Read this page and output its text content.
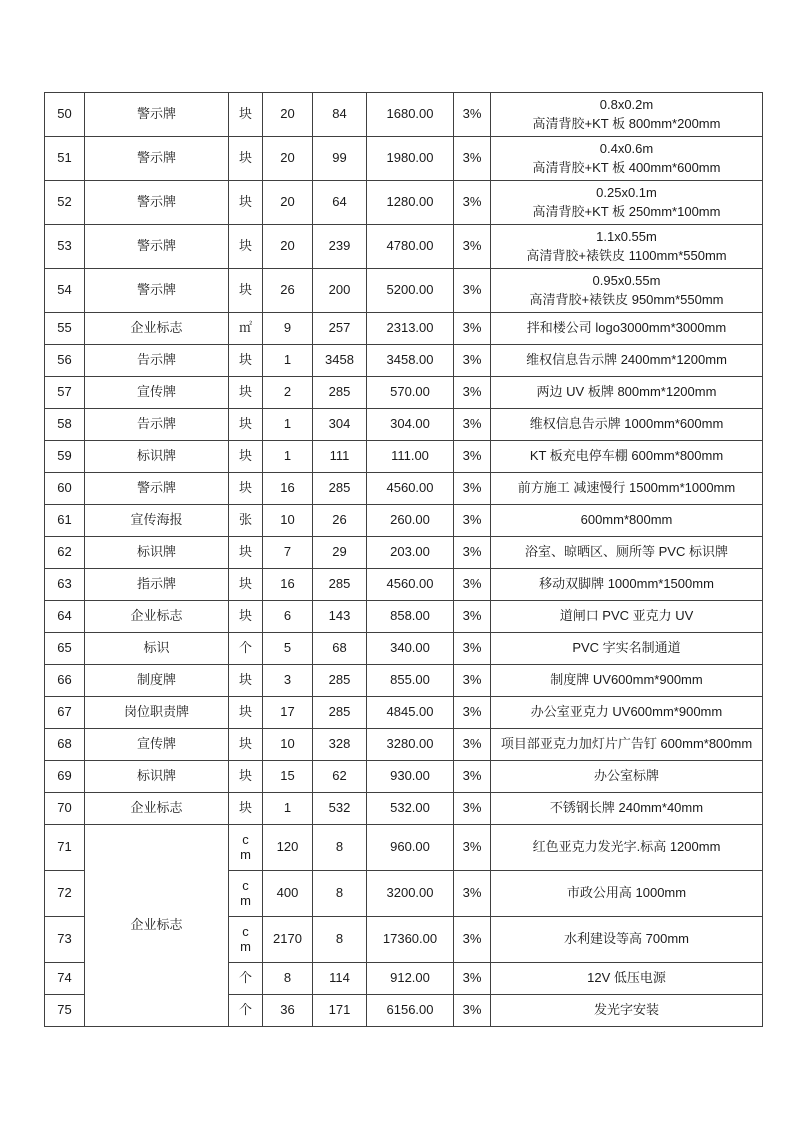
50	警示牌	块	20	84	1680.00	3%	0.8x0.2m
高清背胶+KT 板 800mm*200mm

51	警示牌	块	20	99	1980.00	3%	0.4x0.6m
高清背胶+KT 板 400mm*600mm

52	警示牌	块	20	64	1280.00	3%	0.25x0.1m
高清背胶+KT 板 250mm*100mm

53	警示牌	块	20	239	4780.00	3%	1.1x0.55m
高清背胶+裱铁皮 1100mm*550mm

54	警示牌	块	26	200	5200.00	3%	0.95x0.55m
高清背胶+裱铁皮 950mm*550mm

55	企业标志	㎡	9	257	2313.00	3%	拌和楼公司 logo3000mm*3000mm

56	告示牌	块	1	3458	3458.00	3%	维权信息告示牌 2400mm*1200mm

57	宣传牌	块	2	285	570.00	3%	两边 UV 板牌 800mm*1200mm

58	告示牌	块	1	304	304.00	3%	维权信息告示牌 1000mm*600mm

59	标识牌	块	1	111	111.00	3%	KT 板充电停车棚 600mm*800mm

60	警示牌	块	16	285	4560.00	3%	前方施工 减速慢行 1500mm*1000mm

61	宣传海报	张	10	26	260.00	3%	600mm*800mm

62	标识牌	块	7	29	203.00	3%	浴室、晾晒区、厕所等 PVC 标识牌

63	指示牌	块	16	285	4560.00	3%	移动双脚牌 1000mm*1500mm

64	企业标志	块	6	143	858.00	3%	道闸口 PVC 亚克力 UV

65	标识	个	5	68	340.00	3%	PVC 字实名制通道

66	制度牌	块	3	285	855.00	3%	制度牌 UV600mm*900mm

67	岗位职责牌	块	17	285	4845.00	3%	办公室亚克力 UV600mm*900mm

68	宣传牌	块	10	328	3280.00	3%	项目部亚克力加灯片广告钉 600mm*800mm

69	标识牌	块	15	62	930.00	3%	办公室标牌

70	企业标志	块	1	532	532.00	3%	不锈钢长牌 240mm*40mm

71	企业标志	c
m	120	8	960.00	3%	红色亚克力发光字.标高 1200mm

72		c
m	400	8	3200.00	3%	市政公用高 1000mm

73		c
m	2170	8	17360.00	3%	水利建设等高 700mm

74		个	8	114	912.00	3%	12V 低压电源

75		个	36	171	6156.00	3%	发光字安装
